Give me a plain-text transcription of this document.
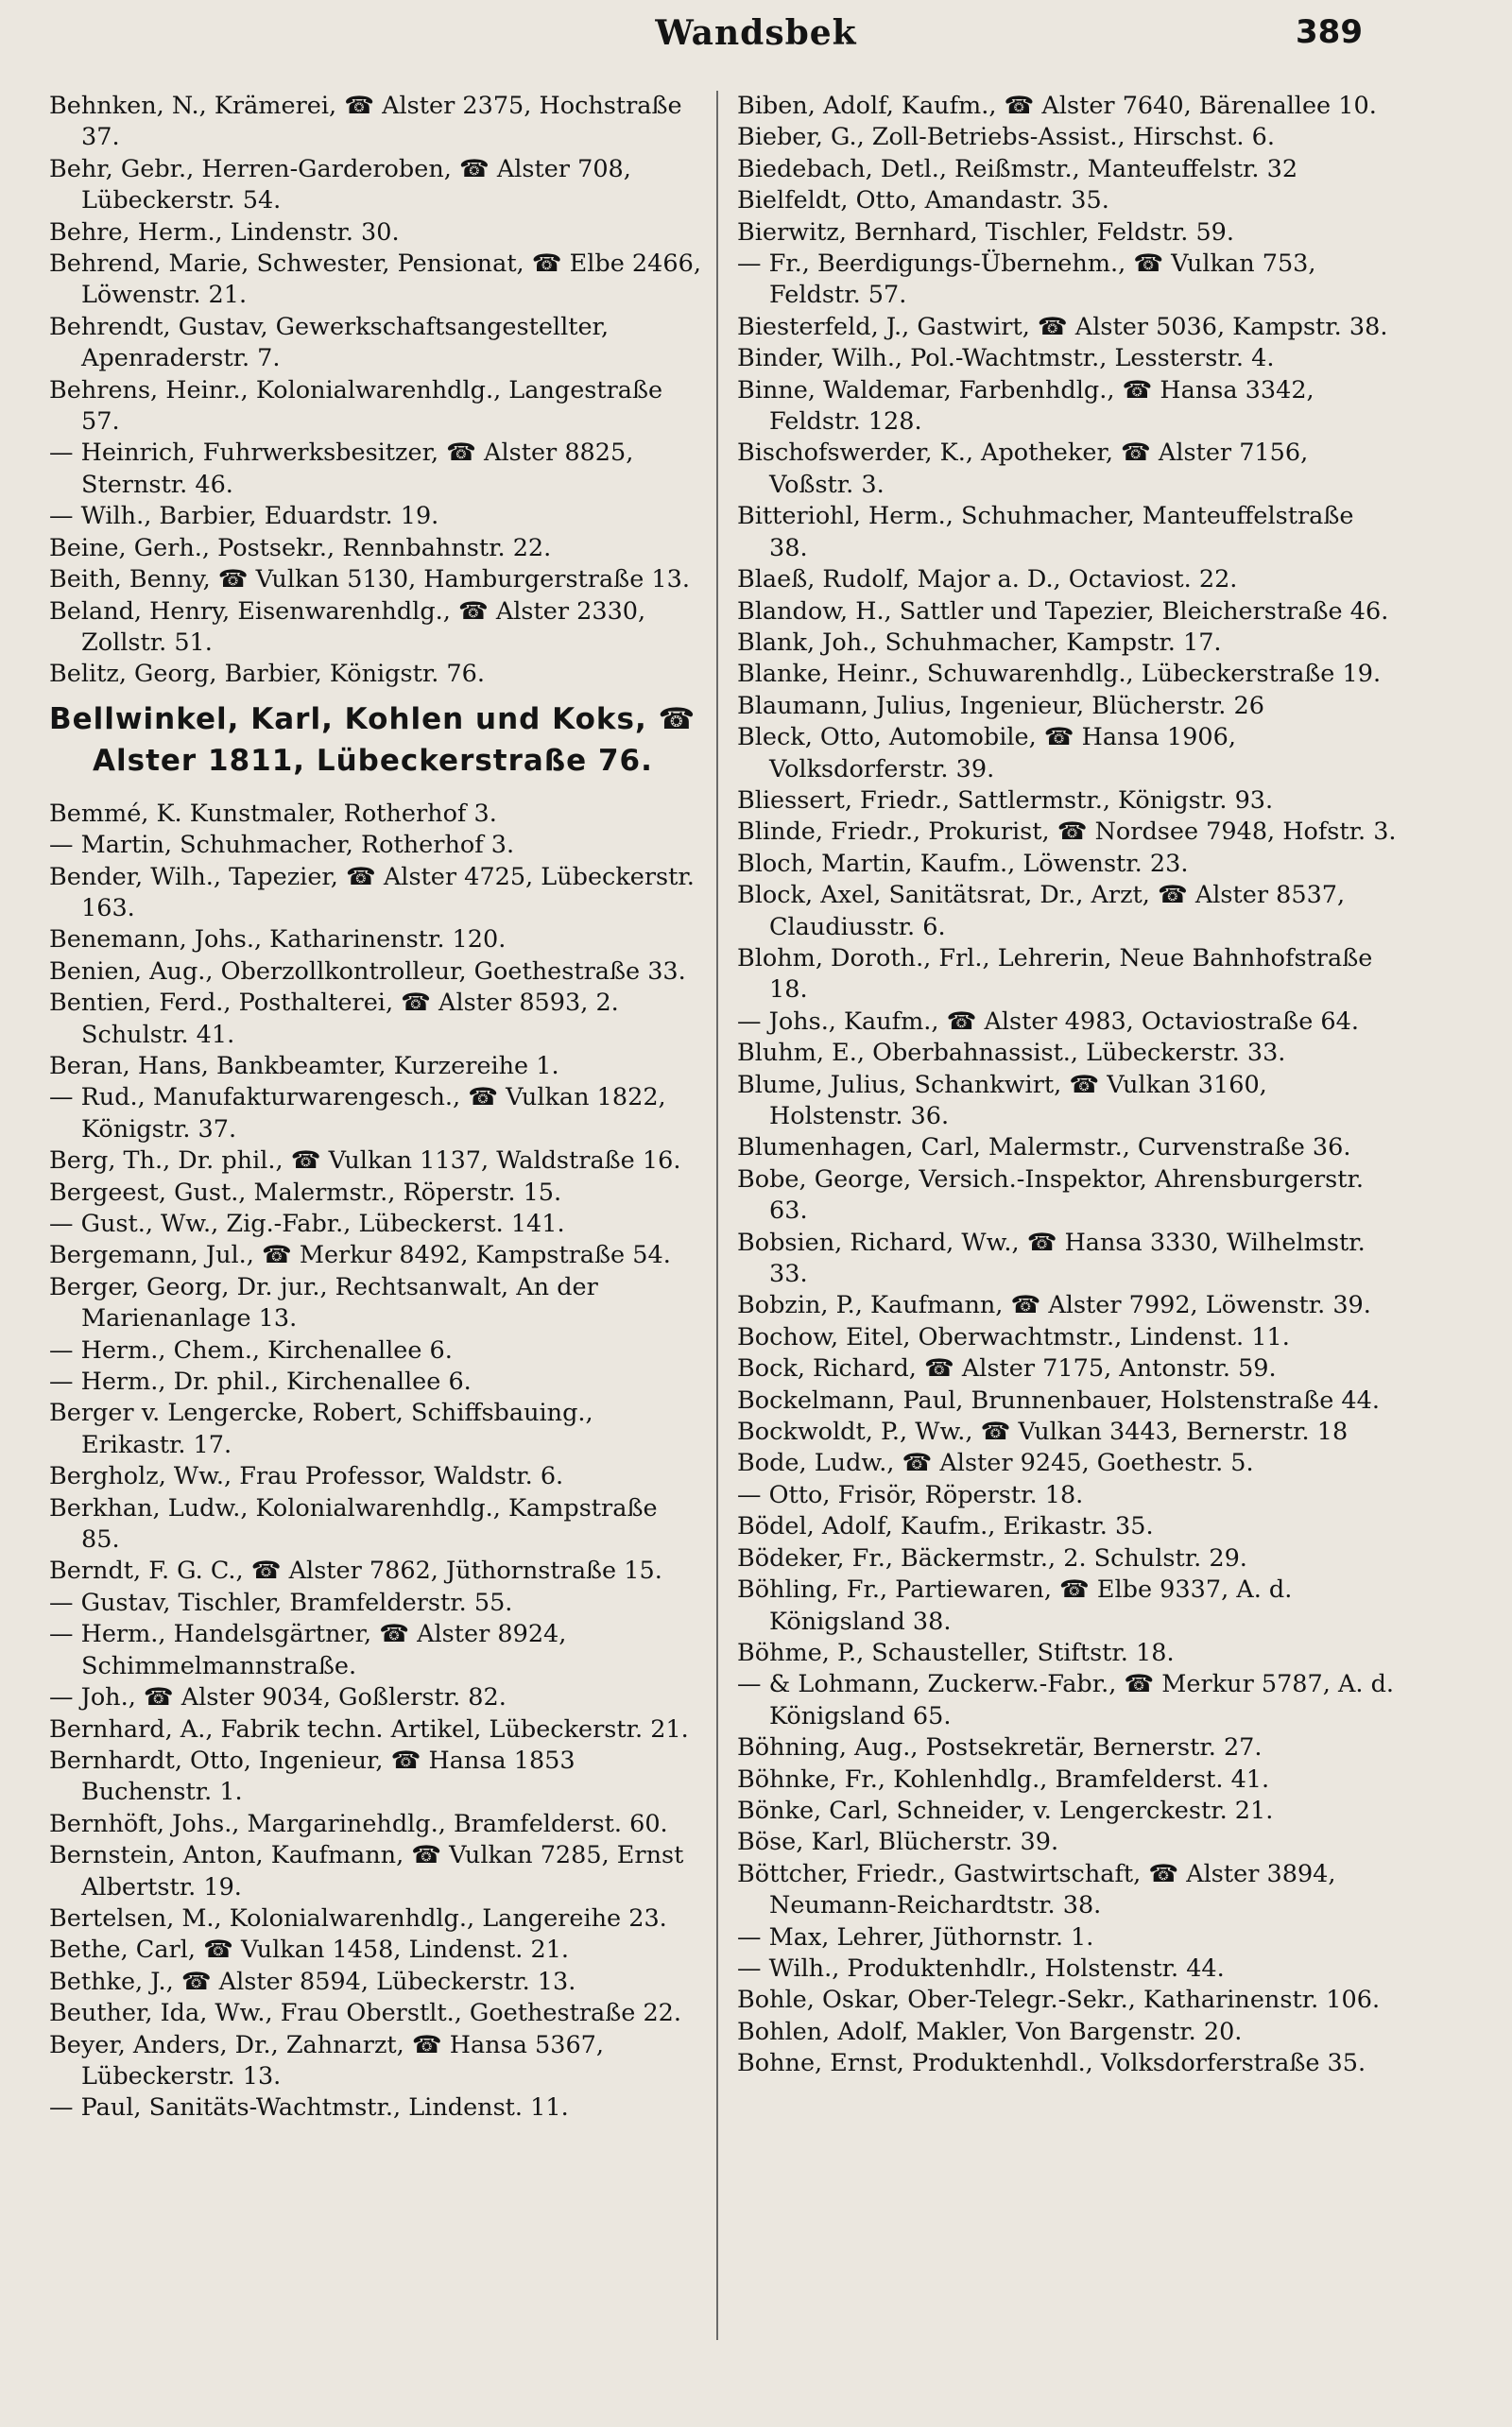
Wandsbek	389

Behnken, N., Krämerei, ☎ Alster 2375, Hochstraße 37.

Behr, Gebr., Herren-Garderoben, ☎ Alster 708, Lübeckerstr. 54.

Behre, Herm., Lindenstr. 30.

Behrend, Marie, Schwester, Pensionat, ☎ Elbe 2466, Löwenstr. 21.

Behrendt, Gustav, Gewerkschaftsangestellter, Apenraderstr. 7.

Behrens, Heinr., Kolonialwarenhdlg., Langestraße 57.

— Heinrich, Fuhrwerksbesitzer, ☎ Alster 8825, Sternstr. 46.

— Wilh., Barbier, Eduardstr. 19.

Beine, Gerh., Postsekr., Rennbahnstr. 22.

Beith, Benny, ☎ Vulkan 5130, Hamburgerstraße 13.

Beland, Henry, Eisenwarenhdlg., ☎ Alster 2330, Zollstr. 51.

Belitz, Georg, Barbier, Königstr. 76.

Bellwinkel, Karl, Kohlen und Koks, ☎ Alster 1811, Lübeckerstraße 76.

Bemmé, K. Kunstmaler, Rotherhof 3.

— Martin, Schuhmacher, Rotherhof 3.

Bender, Wilh., Tapezier, ☎ Alster 4725, Lübeckerstr. 163.

Benemann, Johs., Katharinenstr. 120.

Benien, Aug., Oberzollkontrolleur, Goethestraße 33.

Bentien, Ferd., Posthalterei, ☎ Alster 8593, 2. Schulstr. 41.

Beran, Hans, Bankbeamter, Kurzereihe 1.

— Rud., Manufakturwarengesch., ☎ Vulkan 1822, Königstr. 37.

Berg, Th., Dr. phil., ☎ Vulkan 1137, Waldstraße 16.

Bergeest, Gust., Malermstr., Röperstr. 15.

— Gust., Ww., Zig.-Fabr., Lübeckerst. 141.

Bergemann, Jul., ☎ Merkur 8492, Kampstraße 54.

Berger, Georg, Dr. jur., Rechtsanwalt, An der Marienanlage 13.

— Herm., Chem., Kirchenallee 6.

— Herm., Dr. phil., Kirchenallee 6.

Berger v. Lengercke, Robert, Schiffsbauing., Erikastr. 17.

Bergholz, Ww., Frau Professor, Waldstr. 6.

Berkhan, Ludw., Kolonialwarenhdlg., Kampstraße 85.

Berndt, F. G. C., ☎ Alster 7862, Jüthornstraße 15.

— Gustav, Tischler, Bramfelderstr. 55.

— Herm., Handelsgärtner, ☎ Alster 8924, Schimmelmannstraße.

— Joh., ☎ Alster 9034, Goßlerstr. 82.

Bernhard, A., Fabrik techn. Artikel, Lübeckerstr. 21.

Bernhardt, Otto, Ingenieur, ☎ Hansa 1853 Buchenstr. 1.

Bernhöft, Johs., Margarinehdlg., Bramfelderst. 60.

Bernstein, Anton, Kaufmann, ☎ Vulkan 7285, Ernst Albertstr. 19.

Bertelsen, M., Kolonialwarenhdlg., Langereihe 23.

Bethe, Carl, ☎ Vulkan 1458, Lindenst. 21.

Bethke, J., ☎ Alster 8594, Lübeckerstr. 13.

Beuther, Ida, Ww., Frau Oberstlt., Goethestraße 22.

Beyer, Anders, Dr., Zahnarzt, ☎ Hansa 5367, Lübeckerstr. 13.

— Paul, Sanitäts-Wachtmstr., Lindenst. 11.

Biben, Adolf, Kaufm., ☎ Alster 7640, Bärenallee 10.

Bieber, G., Zoll-Betriebs-Assist., Hirschst. 6.

Biedebach, Detl., Reißmstr., Manteuffelstr. 32

Bielfeldt, Otto, Amandastr. 35.

Bierwitz, Bernhard, Tischler, Feldstr. 59.

— Fr., Beerdigungs-Übernehm., ☎ Vulkan 753, Feldstr. 57.

Biesterfeld, J., Gastwirt, ☎ Alster 5036, Kampstr. 38.

Binder, Wilh., Pol.-Wachtmstr., Lessterstr. 4.

Binne, Waldemar, Farbenhdlg., ☎ Hansa 3342, Feldstr. 128.

Bischofswerder, K., Apotheker, ☎ Alster 7156, Voßstr. 3.

Bitteriohl, Herm., Schuhmacher, Manteuffelstraße 38.

Blaeß, Rudolf, Major a. D., Octaviost. 22.

Blandow, H., Sattler und Tapezier, Bleicherstraße 46.

Blank, Joh., Schuhmacher, Kampstr. 17.

Blanke, Heinr., Schuwarenhdlg., Lübeckerstraße 19.

Blaumann, Julius, Ingenieur, Blücherstr. 26

Bleck, Otto, Automobile, ☎ Hansa 1906, Volksdorferstr. 39.

Bliessert, Friedr., Sattlermstr., Königstr. 93.

Blinde, Friedr., Prokurist, ☎ Nordsee 7948, Hofstr. 3.

Bloch, Martin, Kaufm., Löwenstr. 23.

Block, Axel, Sanitätsrat, Dr., Arzt, ☎ Alster 8537, Claudiusstr. 6.

Blohm, Doroth., Frl., Lehrerin, Neue Bahnhofstraße 18.

— Johs., Kaufm., ☎ Alster 4983, Octaviostraße 64.

Bluhm, E., Oberbahnassist., Lübeckerstr. 33.

Blume, Julius, Schankwirt, ☎ Vulkan 3160, Holstenstr. 36.

Blumenhagen, Carl, Malermstr., Curvenstraße 36.

Bobe, George, Versich.-Inspektor, Ahrensburgerstr. 63.

Bobsien, Richard, Ww., ☎ Hansa 3330, Wilhelmstr. 33.

Bobzin, P., Kaufmann, ☎ Alster 7992, Löwenstr. 39.

Bochow, Eitel, Oberwachtmstr., Lindenst. 11.

Bock, Richard, ☎ Alster 7175, Antonstr. 59.

Bockelmann, Paul, Brunnenbauer, Holstenstraße 44.

Bockwoldt, P., Ww., ☎ Vulkan 3443, Bernerstr. 18

Bode, Ludw., ☎ Alster 9245, Goethestr. 5.

— Otto, Frisör, Röperstr. 18.

Bödel, Adolf, Kaufm., Erikastr. 35.

Bödeker, Fr., Bäckermstr., 2. Schulstr. 29.

Böhling, Fr., Partiewaren, ☎ Elbe 9337, A. d. Königsland 38.

Böhme, P., Schausteller, Stiftstr. 18.

— & Lohmann, Zuckerw.-Fabr., ☎ Merkur 5787, A. d. Königsland 65.

Böhning, Aug., Postsekretär, Bernerstr. 27.

Böhnke, Fr., Kohlenhdlg., Bramfelderst. 41.

Bönke, Carl, Schneider, v. Lengerckestr. 21.

Böse, Karl, Blücherstr. 39.

Böttcher, Friedr., Gastwirtschaft, ☎ Alster 3894, Neumann-Reichardtstr. 38.

— Max, Lehrer, Jüthornstr. 1.

— Wilh., Produktenhdlr., Holstenstr. 44.

Bohle, Oskar, Ober-Telegr.-Sekr., Katharinenstr. 106.

Bohlen, Adolf, Makler, Von Bargenstr. 20.

Bohne, Ernst, Produktenhdl., Volksdorferstraße 35.
